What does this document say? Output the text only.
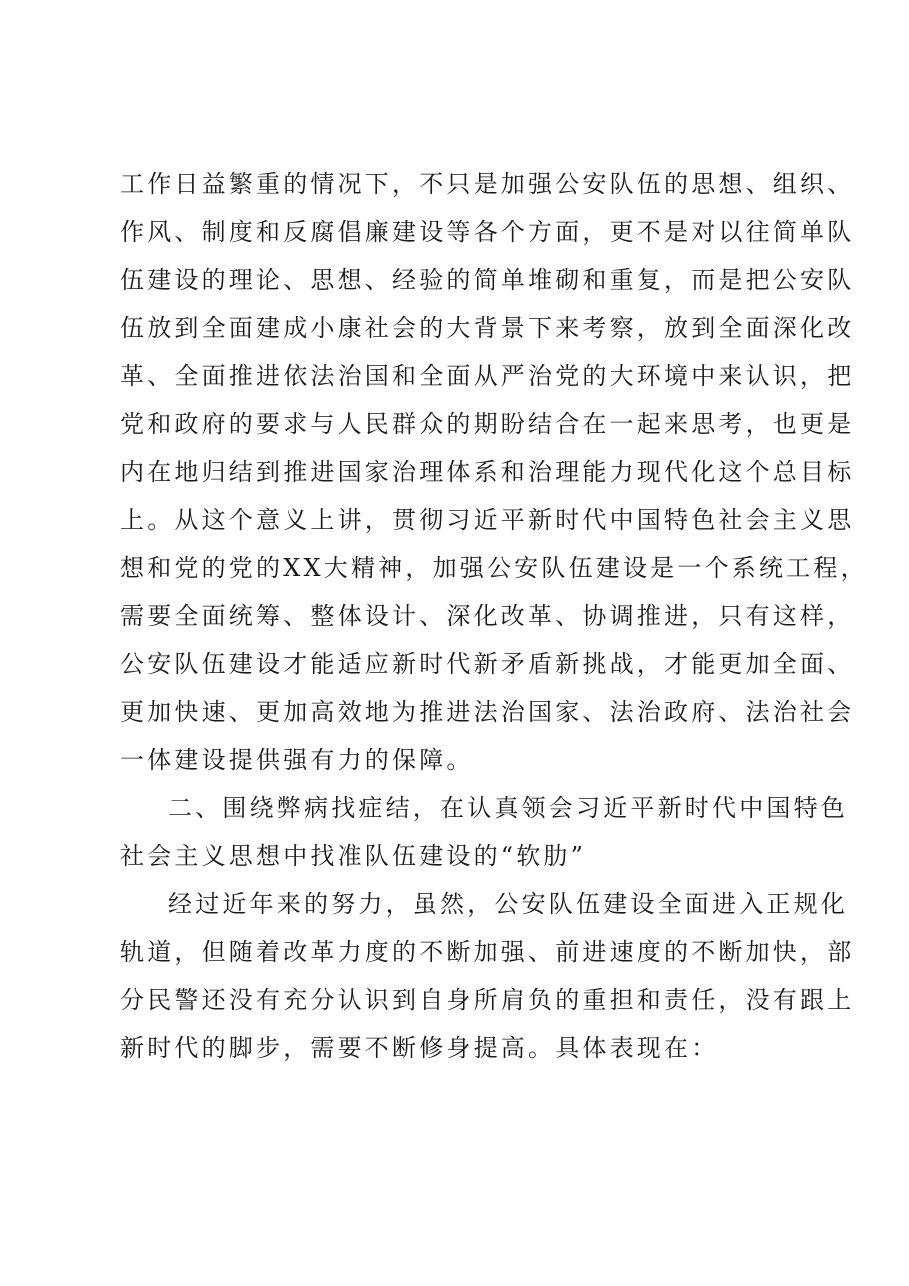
工作日益繁重的情况下，不只是加强公安队伍的思想、组织、
作风、制度和反腐倡廉建设等各个方面，更不是对以往简单队
伍建设的理论、思想、经验的简单堆砌和重复，而是把公安队
伍放到全面建成小康社会的大背景下来考察，放到全面深化改
革、全面推进依法治国和全面从严治党的大环境中来认识，把
党和政府的要求与人民群众的期盼结合在一起来思考，也更是
内在地归结到推进国家治理体系和治理能力现代化这个总目标
上。从这个意义上讲，贯彻习近平新时代中国特色社会主义思
想和党的党的XX大精神，加强公安队伍建设是一个系统工程，
需要全面统筹、整体设计、深化改革、协调推进，只有这样，
公安队伍建设才能适应新时代新矛盾新挑战，才能更加全面、
更加快速、更加高效地为推进法治国家、法治政府、法治社会
一体建设提供强有力的保障。
二、围绕弊病找症结，在认真领会习近平新时代中国特色
社会主义思想中找准队伍建设的“软肋”
经过近年来的努力，虽然，公安队伍建设全面进入正规化
轨道，但随着改革力度的不断加强、前进速度的不断加快，部
分民警还没有充分认识到自身所肩负的重担和责任，没有跟上
新时代的脚步，需要不断修身提高。具体表现在：
